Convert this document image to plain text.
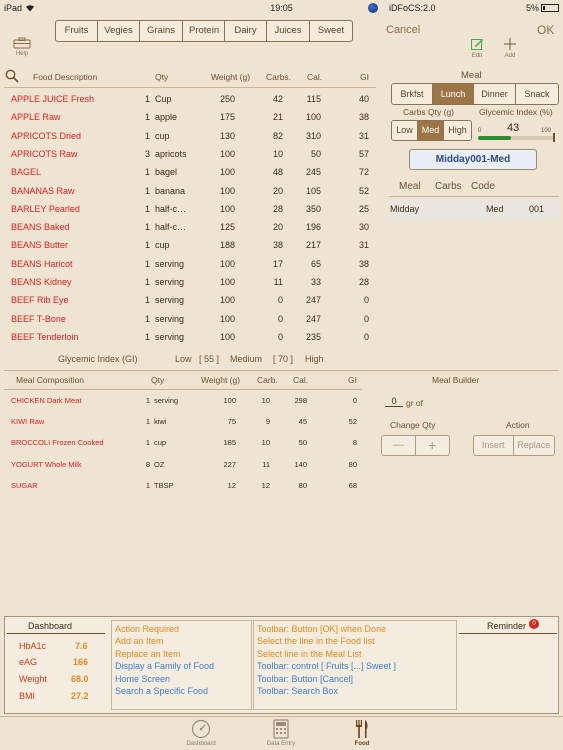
iPad	19:05	iDFoCS:2.0	5%
Fruits	Vegies	Grains	Protein	Dairy	Juices	Sweet	Cancel	OK
Help	Edit	Add
Food Description	Qty	Weight (g) Carbs. Cal.	GI
APPLE JUICE Fresh	1 Cup	250	42	115	40
APPLE Raw	1 apple	175	21	100	38
APRICOTS Dried	1 cup	130	82	310	31
APRICOTS Raw	3 apricots	100	10	50	57
BAGEL	1 bagel	100	48	245	72
BANANAS Raw	1 banana	100	20	105	52
BARLEY Pearled	1 half-c…	100	28	350	25
BEANS Baked	1 half-c…	125	20	196	30
BEANS Butter	1 cup	188	38	217	31
BEANS Haricot	1 serving	100	17	65	38
BEANS Kidney	1 serving	100	11	33	28
BEEF Rib Eye	1 serving	100	0	247	0
BEEF T-Bone	1 serving	100	0	247	0
BEEF Tenderloin	1 serving	100	0	235	0
Glycemic Index (GI)	Low [ 55 ] Medium [ 70 ] High
Meal
Brkfst	Lunch	Dinner	Snack
Carbs Qty (g)
Low Med High
Glycemic Index (%)
0 43	100
Midday001-Med
Meal Carbs Code
Midday	Med	001
Meal Composition	Qty	Weight (g) Carb. Cal.	GI
CHICKEN Dark Meat	1 serving	100	10	298	0
KIWI Raw	1 kiwi	75	9	45	52
BROCCOLI Frozen Cooked	1 cup	185	10	50	8
YOGURT Whole Milk	8 OZ	227	11	140	80
SUGAR	1 TBSP	12	12	80	68
Meal Builder
0	gr of
Change Qty
—	+
Action
Insert	Replace
Dashboard
HbA1c	7.6
eAG	166
Weight	68.0
BMI	27.2
Action Required
Add an Item
Replace an Item
Display a Family of Food
Home Screen
Search a Specific Food
Toolbar: Button [OK] when Done
Select the line in the Food list
Select line in the Meal List
Toolbar: control [ Fruits [...] Sweet ]
Toolbar: Button [Cancel]
Toolbar: Search Box
Reminder 0
Dashboard	Data Entry	Food
